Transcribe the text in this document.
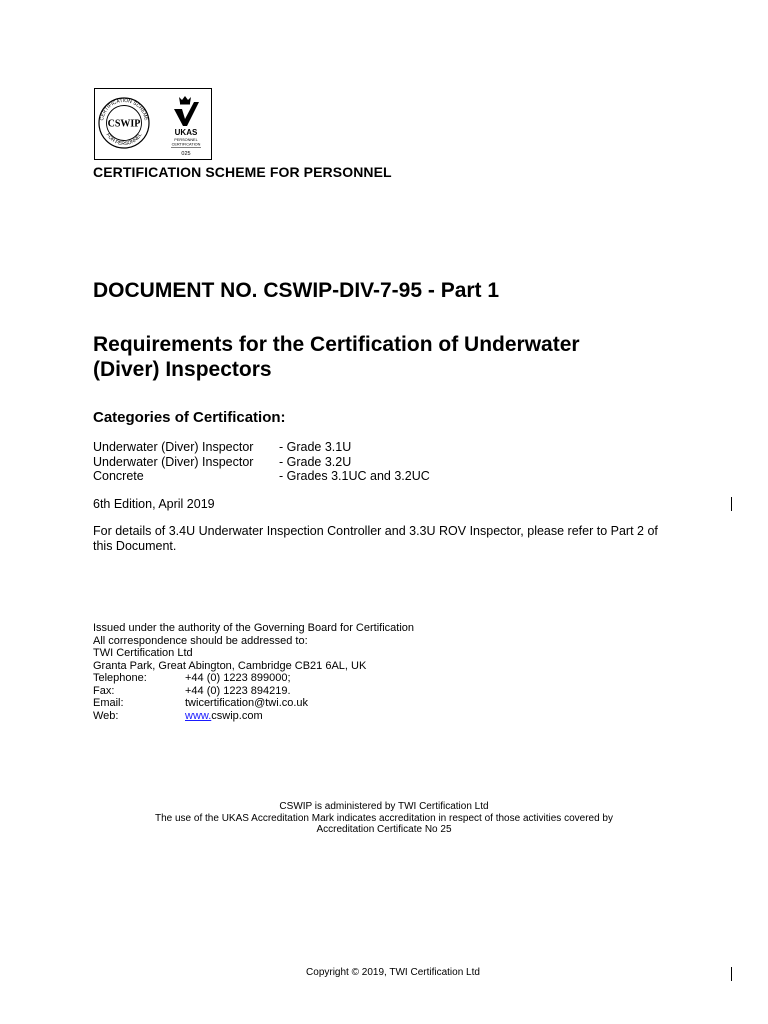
CERTIFICATION SCHEME
FOR PERSONNEL
CSWIP
UKAS
PERSONNEL
CERTIFICATION
025
CERTIFICATION SCHEME FOR PERSONNEL
DOCUMENT NO. CSWIP-DIV-7-95 - Part 1
Requirements for the Certification of Underwater
(Diver) Inspectors
Categories of Certification:
Underwater (Diver) Inspector - Grade 3.1U
Underwater (Diver) Inspector - Grade 3.2U
Concrete	- Grades 3.1UC and 3.2UC
6th Edition, April 2019
For details of 3.4U Underwater Inspection Controller and 3.3U ROV Inspector, please refer to Part 2 of
this Document.
Issued under the authority of the Governing Board for Certification
All correspondence should be addressed to:
TWI Certification Ltd
Granta Park, Great Abington, Cambridge CB21 6AL, UK
Telephone:	+44 (0) 1223 899000;
Fax:	+44 (0) 1223 894219.
Email:	twicertification@twi.co.uk
Web:	www.cswip.com
CSWIP is administered by TWI Certification Ltd
The use of the UKAS Accreditation Mark indicates accreditation in respect of those activities covered by
Accreditation Certificate No 25
Copyright © 2019, TWI Certification Ltd
